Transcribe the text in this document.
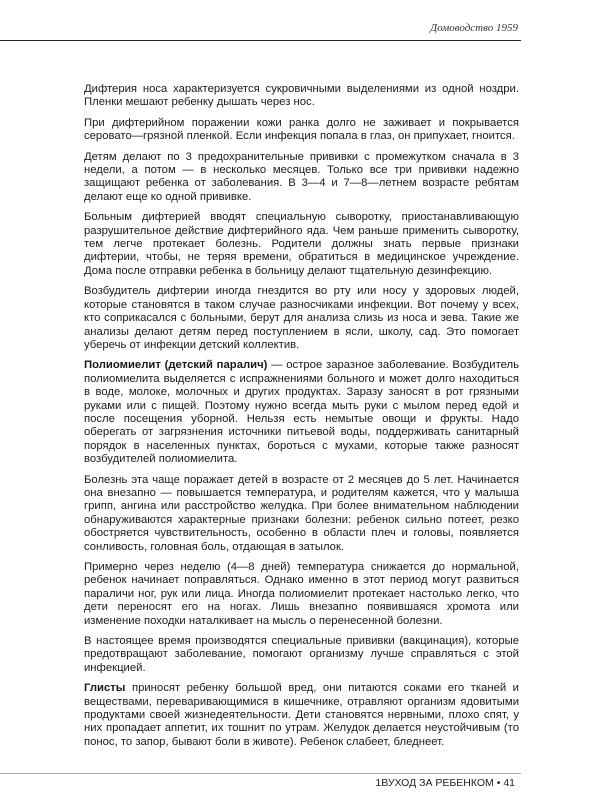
Домоводство 1959

Дифтерия носа характеризуется сукровичными выделениями из одной ноздри. Пленки мешают ребенку дышать через нос.

При дифтерийном поражении кожи ранка долго не заживает и покрывается серовато—грязной пленкой. Если инфекция попала в глаз, он припухает, гноится.

Детям делают по 3 предохранительные прививки с промежутком сначала в 3 недели, а потом — в несколько месяцев. Только все три прививки надежно защищают ребенка от заболевания. В 3—4 и 7—8—летнем возрасте ребятам делают еще ко одной прививке.

Больным дифтерией вводят специальную сыворотку, приостанавливающую разрушительное действие дифтерийного яда. Чем раньше применить сыворотку, тем легче протекает болезнь. Родители должны знать первые признаки дифтерии, чтобы, не теряя времени, обратиться в медицинское учреждение. Дома после отправки ребенка в больницу делают тщательную дезинфекцию.

Возбудитель дифтерии иногда гнездится во рту или носу у здоровых людей, которые становятся в таком случае разносчиками инфекции. Вот почему у всех, кто соприкасался с больными, берут для анализа слизь из носа и зева. Такие же анализы делают детям перед поступлением в ясли, школу, сад. Это помогает уберечь от инфекции детский коллектив.

Полиомиелит (детский паралич) — острое заразное заболевание. Возбудитель полиомиелита выделяется с испражнениями больного и может долго находиться в воде, молоке, молочных и других продуктах. Заразу заносят в рот грязными руками или с пищей. Поэтому нужно всегда мыть руки с мылом перед едой и после посещения уборной. Нельзя есть немытые овощи и фрукты. Надо оберегать от загрязнения источники питьевой воды, поддерживать санитарный порядок в населенных пунктах, бороться с мухами, которые также разносят возбудителей полиомиелита.

Болезнь эта чаще поражает детей в возрасте от 2 месяцев до 5 лет. Начинается она внезапно — повышается температура, и родителям кажется, что у малыша грипп, ангина или расстройство желудка. При более внимательном наблюдении обнаруживаются характерные признаки болезни: ребенок сильно потеет, резко обостряется чувствительность, особенно в области плеч и головы, появляется сонливость, головная боль, отдающая в затылок.

Примерно через неделю (4—8 дней) температура снижается до нормальной, ребенок начинает поправляться. Однако именно в этот период могут развиться параличи ног, рук или лица. Иногда полиомиелит протекает настолько легко, что дети переносят его на ногах. Лишь внезапно появившаяся хромота или изменение походки наталкивает на мысль о перенесенной болезни.

В настоящее время производятся специальные прививки (вакцинация), которые предотвращают заболевание, помогают организму лучше справляться с этой инфекцией.

Глисты приносят ребенку большой вред, они питаются соками его тканей и веществами, переваривающимися в кишечнике, отравляют организм ядовитыми продуктами своей жизнедеятельности. Дети становятся нервными, плохо спят, у них пропадает аппетит, их тошнит по утрам. Желудок делается неустойчивым (то понос, то запор, бывают боли в животе). Ребенок слабеет, бледнеет.

1ВУХОД ЗА РЕБЕНКОМ • 41
